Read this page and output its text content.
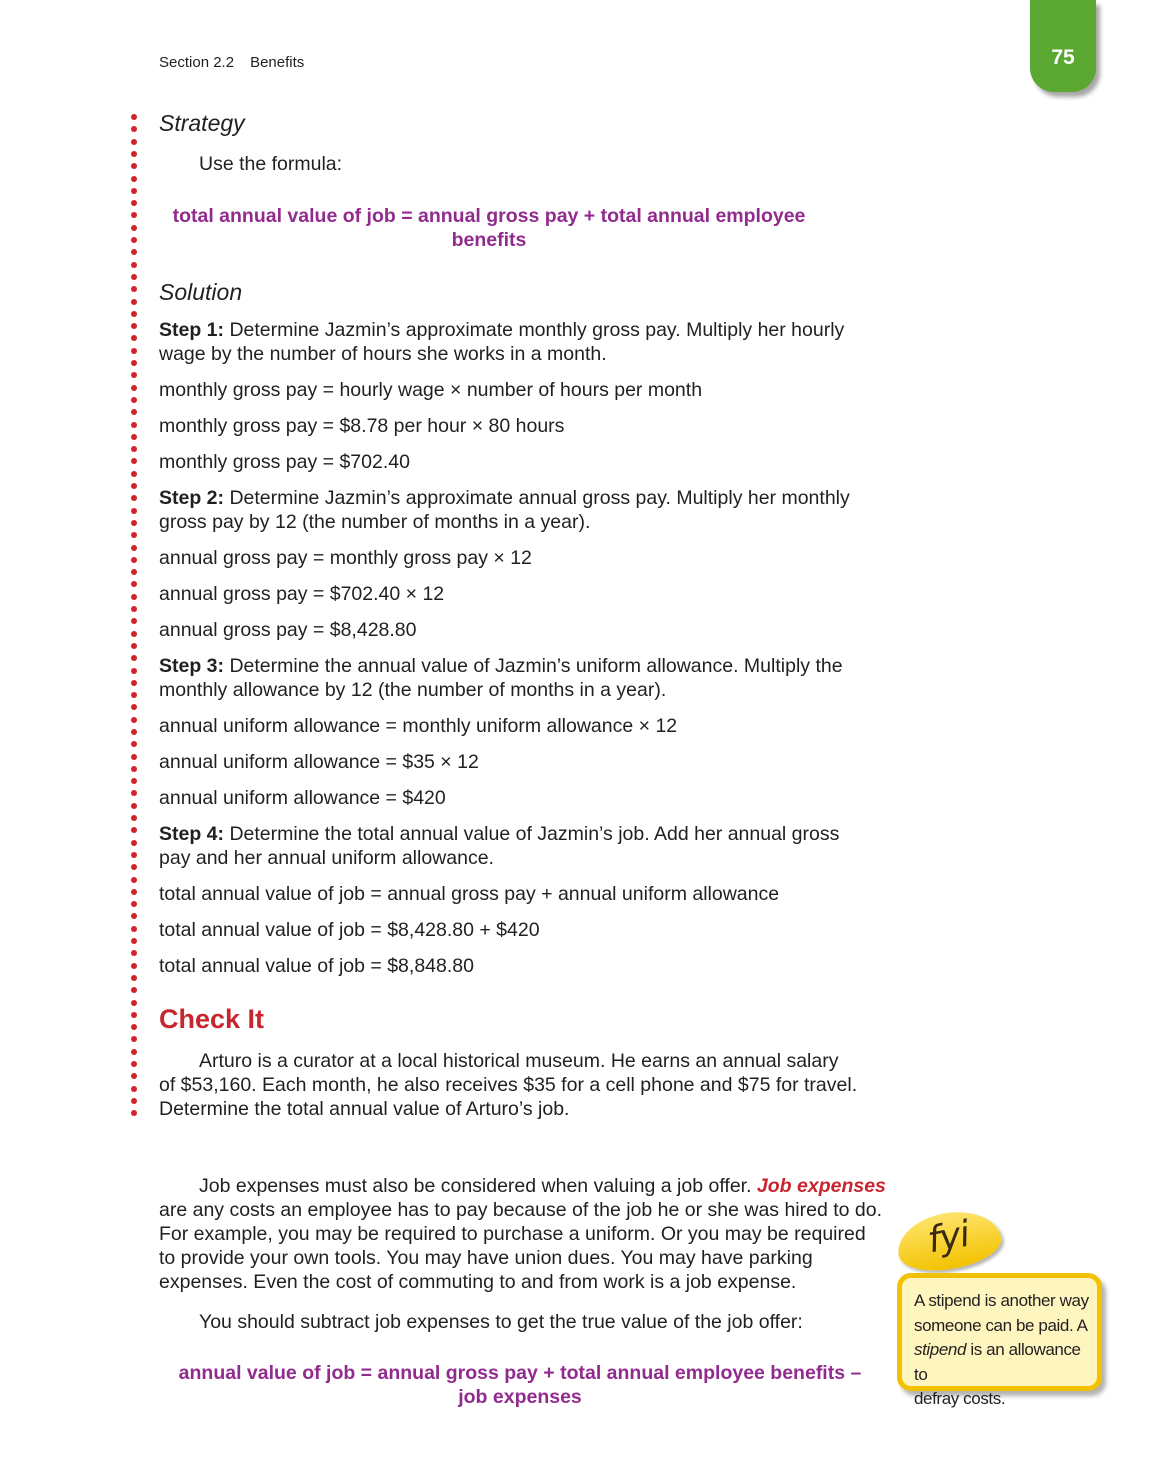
Section 2.2 Benefits	75
Strategy
Use the formula:
total annual value of job = annual gross pay + total annual employee
benefits
Solution
Step 1: Determine Jazmin’s approximate monthly gross pay. Multiply her hourly
wage by the number of hours she works in a month.
monthly gross pay = hourly wage × number of hours per month
monthly gross pay = $8.78 per hour × 80 hours
monthly gross pay = $702.40
Step 2: Determine Jazmin’s approximate annual gross pay. Multiply her monthly
gross pay by 12 (the number of months in a year).
annual gross pay = monthly gross pay × 12
annual gross pay = $702.40 × 12
annual gross pay = $8,428.80
Step 3: Determine the annual value of Jazmin’s uniform allowance. Multiply the
monthly allowance by 12 (the number of months in a year).
annual uniform allowance = monthly uniform allowance × 12
annual uniform allowance = $35 × 12
annual uniform allowance = $420
Step 4: Determine the total annual value of Jazmin’s job. Add her annual gross
pay and her annual uniform allowance.
total annual value of job = annual gross pay + annual uniform allowance
total annual value of job = $8,428.80 + $420
total annual value of job = $8,848.80
Check It
Arturo is a curator at a local historical museum. He earns an annual salary
of $53,160. Each month, he also receives $35 for a cell phone and $75 for travel.
Determine the total annual value of Arturo’s job.
Job expenses must also be considered when valuing a job offer. Job expenses
are any costs an employee has to pay because of the job he or she was hired to do.
For example, you may be required to purchase a uniform. Or you may be required
to provide your own tools. You may have union dues. You may have parking
expenses. Even the cost of commuting to and from work is a job expense.
You should subtract job expenses to get the true value of the job offer:
annual value of job = annual gross pay + total annual employee benefits –
job expenses
fyi
A stipend is another way
someone can be paid. A
stipend is an allowance to
defray costs.
